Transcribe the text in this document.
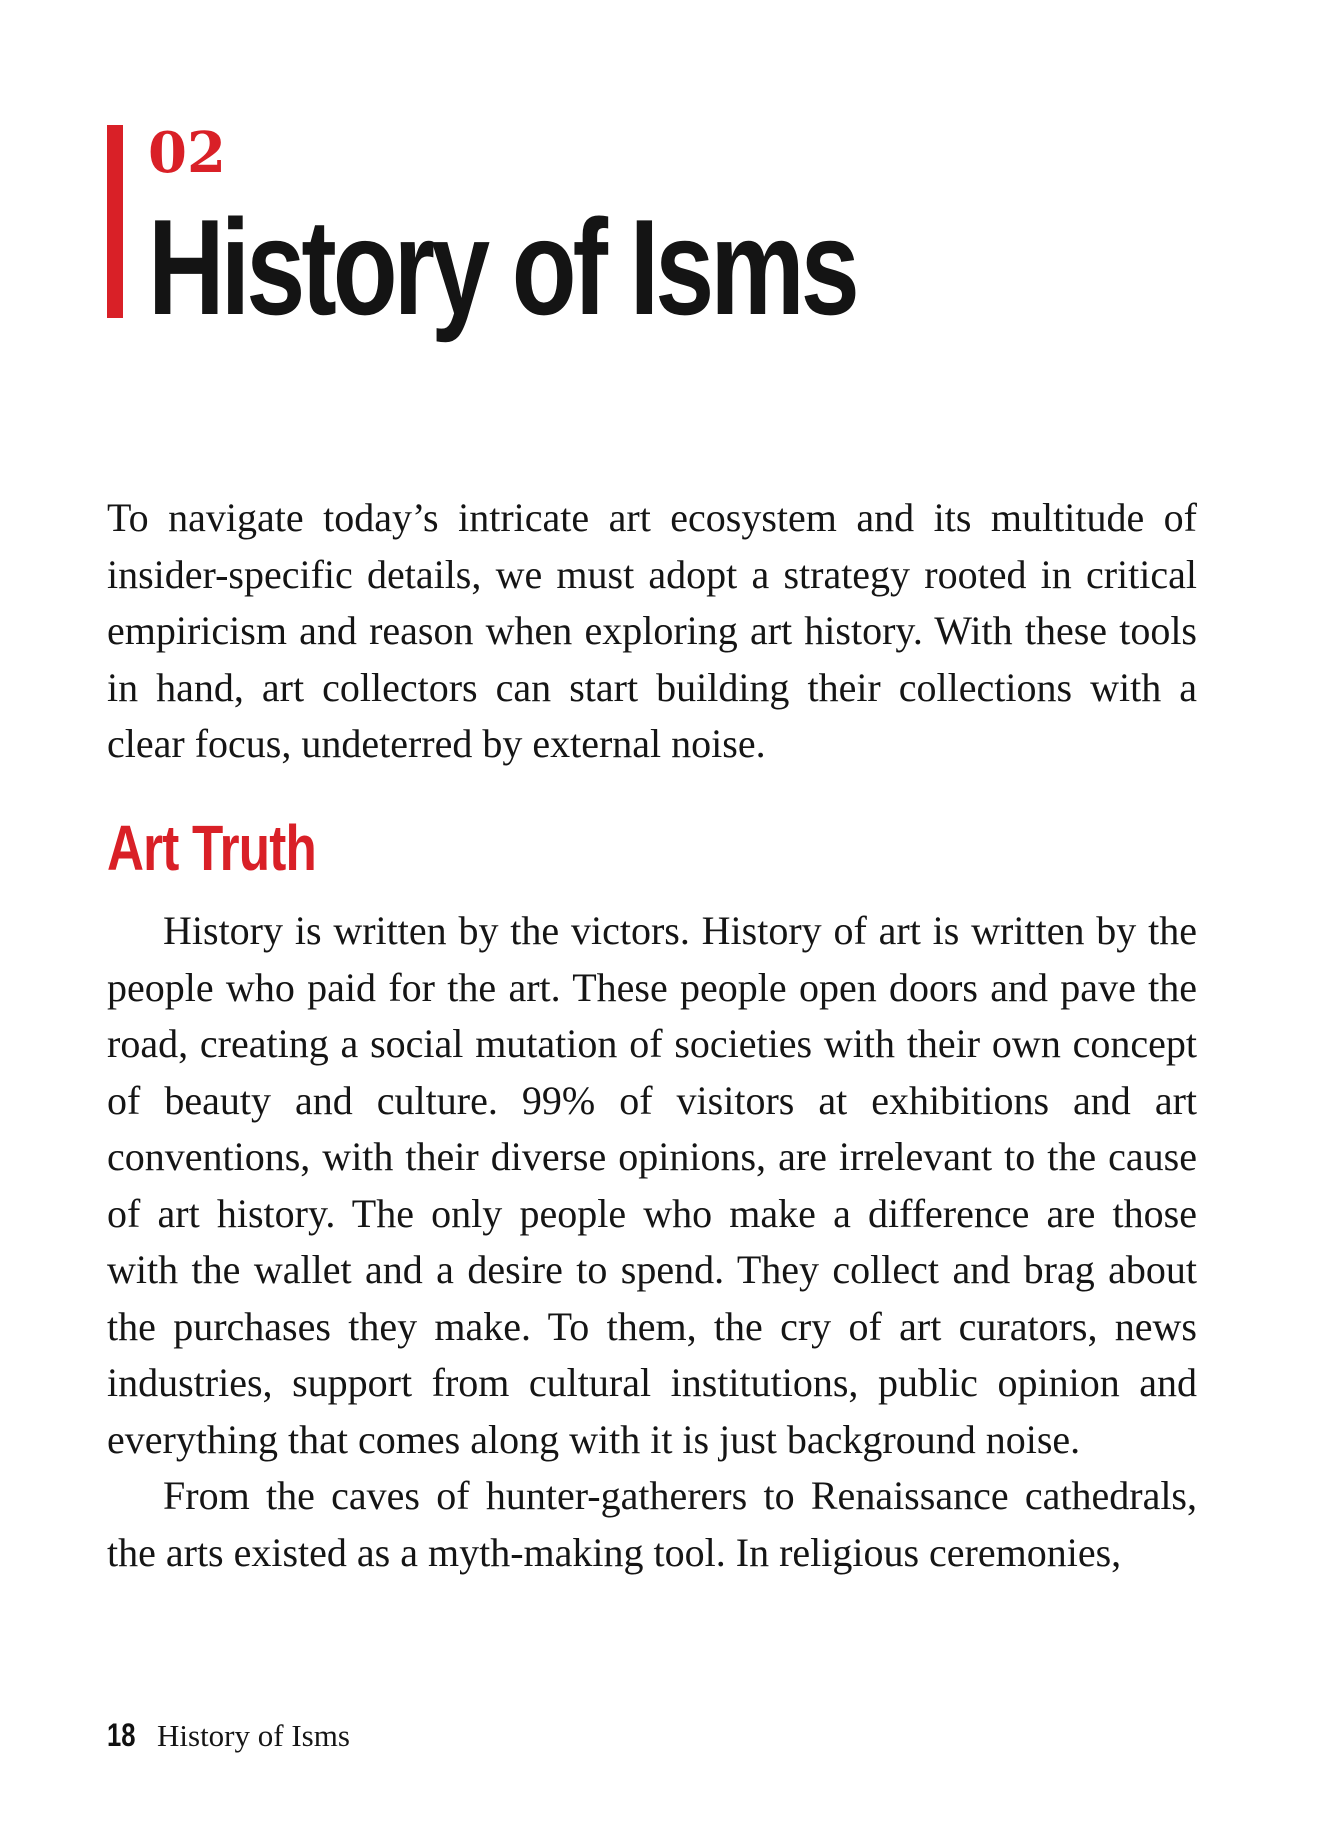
02
History of Isms

To navigate today’s intricate art ecosystem and its multitude of insider-specific details, we must adopt a strategy rooted in critical empiricism and reason when exploring art history. With these tools in hand, art collectors can start building their collections with a clear focus, undeterred by external noise.

Art Truth

History is written by the victors. History of art is written by the people who paid for the art. These people open doors and pave the road, creating a social mutation of societies with their own concept of beauty and culture. 99% of visitors at exhibitions and art conventions, with their diverse opinions, are irrelevant to the cause of art history. The only people who make a difference are those with the wallet and a desire to spend. They collect and brag about the purchases they make. To them, the cry of art curators, news industries, support from cultural institutions, public opinion and everything that comes along with it is just background noise.

From the caves of hunter-gatherers to Renaissance cathedrals, the arts existed as a myth-making tool. In religious ceremonies,

18 History of Isms
